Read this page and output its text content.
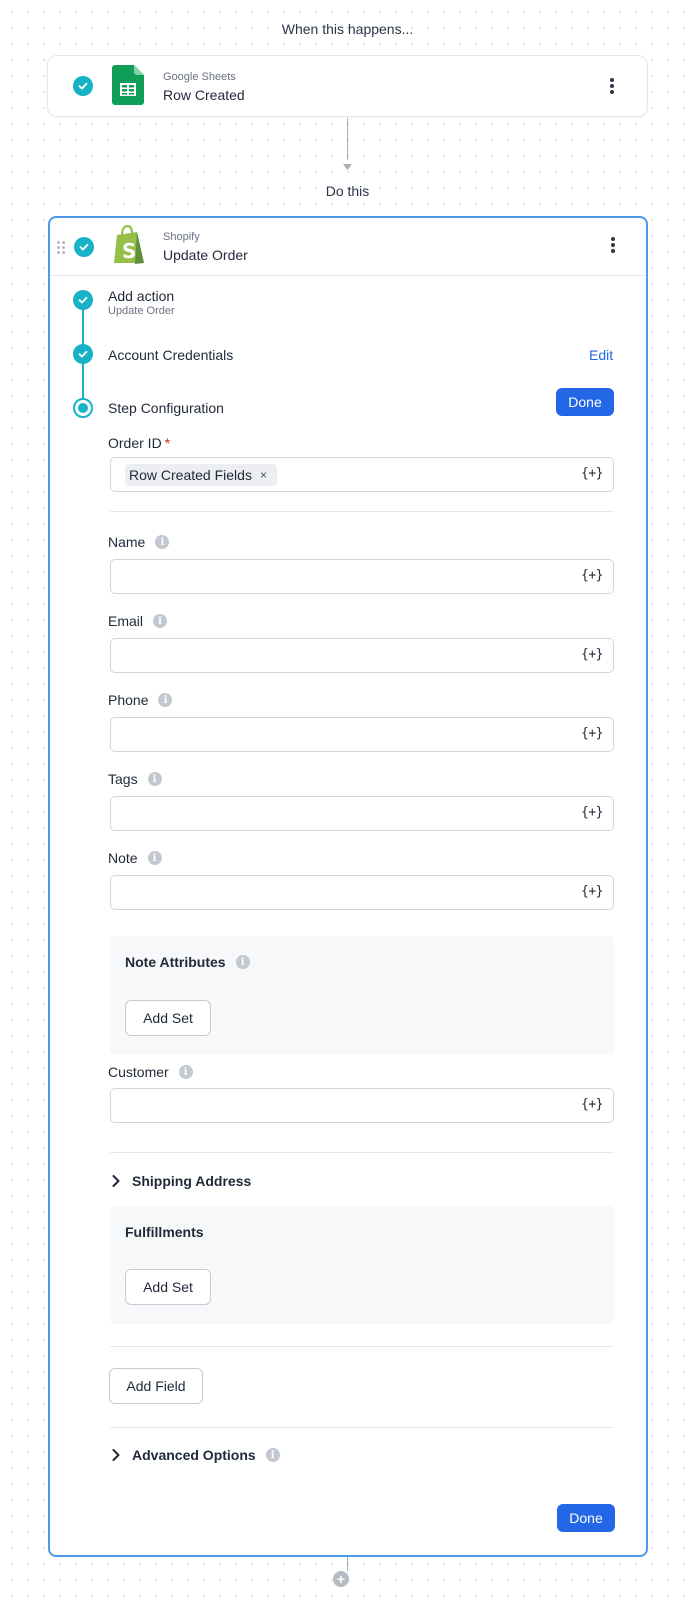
When this happens...
Google Sheets
Row Created
Do this
S
Shopify
Update Order
Add action
Update Order
Account Credentials	Edit
Step Configuration	Done
Order ID *
Row Created Fields ×	{+}
Name	i
{+}
Email	i
{+}
Phone	i
{+}
Tags	i
{+}
Note	i
{+}
Note Attributes	i
Add Set
Customer	i
{+}
Shipping Address
Fulfillments
Add Set
Add Field
Advanced Options	i
Done
+
